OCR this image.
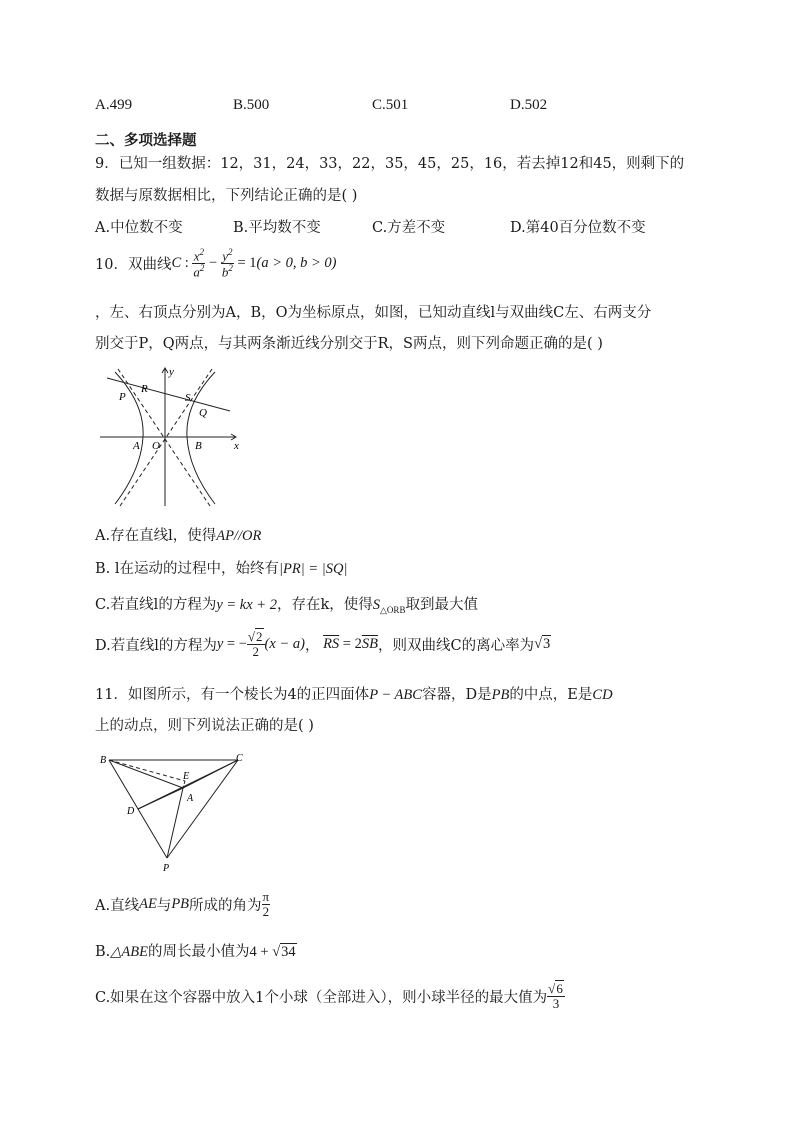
A.499	B.500	C.501	D.502
二、多项选择题
9．已知一组数据：12，31，24，33，22，35，45，25，16，若去掉12和45，则剩下的
数据与原数据相比，下列结论正确的是( )
A.中位数不变	B.平均数不变	C.方差不变	D.第40百分位数不变
10．双曲线 C : $\frac{x^2}{a^2} - \frac{y^2}{b^2} = 1$ (a > 0, b > 0)
，左、右顶点分别为A，B，O为坐标原点，如图，已知动直线l与双曲线C左、右两支分
别交于P，Q两点，与其两条渐近线分别交于R，S两点，则下列命题正确的是( )
y
x
R
P	S
Q
A O	B
A.存在直线l，使得AP//OR
B. l在运动的过程中，始终有|PR| = |SQ|
C.若直线l的方程为y = kx + 2，存在k，使得$S_{\triangle ORB}$取到最大值
D.若直线l的方程为 y = − $\frac{√2}{2} (x - a)$ ， $\overline{RS} = 2$ $\overline{SB}$ ，则双曲线C的离心率为 √3
11．如图所示，有一个棱长为4的正四面体P − ABC容器，D是PB的中点，E是CD
上的动点，则下列说法正确的是( )
B	C
E
A
D
P
A.直线 AE 与 PB 所成的角为 $\frac{\pi}{2}$
B.△ABE的周长最小值为4 + √34
C.如果在这个容器中放入1个小球（全部进入），则小球半径的最大值为 $\frac{√6}{3}$
